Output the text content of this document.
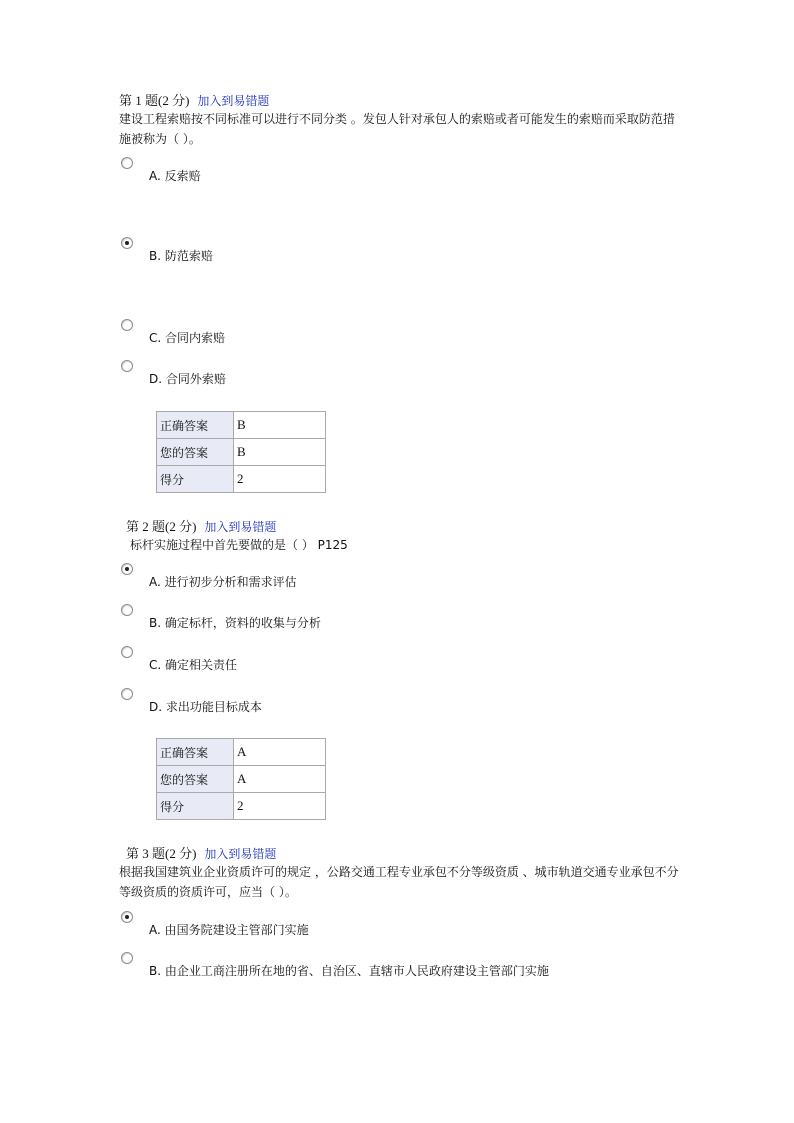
第 1 题(2 分) 加入到易错题
建设工程索赔按不同标准可以进行不同分类 。发包人针对承包人的索赔或者可能发生的索赔而采取防范措施被称为（ ）。
A. 反索赔
B. 防范索赔
C. 合同内索赔
D. 合同外索赔
正确答案	B
您的答案	B
得分	2
第 2 题(2 分) 加入到易错题
标杆实施过程中首先要做的是（ ） P125
A. 进行初步分析和需求评估
B. 确定标杆，资料的收集与分析
C. 确定相关责任
D. 求出功能目标成本
正确答案	A
您的答案	A
得分	2
第 3 题(2 分) 加入到易错题
根据我国建筑业企业资质许可的规定 ，公路交通工程专业承包不分等级资质 、城市轨道交通专业承包不分等级资质的资质许可，应当（ ）。
A. 由国务院建设主管部门实施
B. 由企业工商注册所在地的省、自治区、直辖市人民政府建设主管部门实施
